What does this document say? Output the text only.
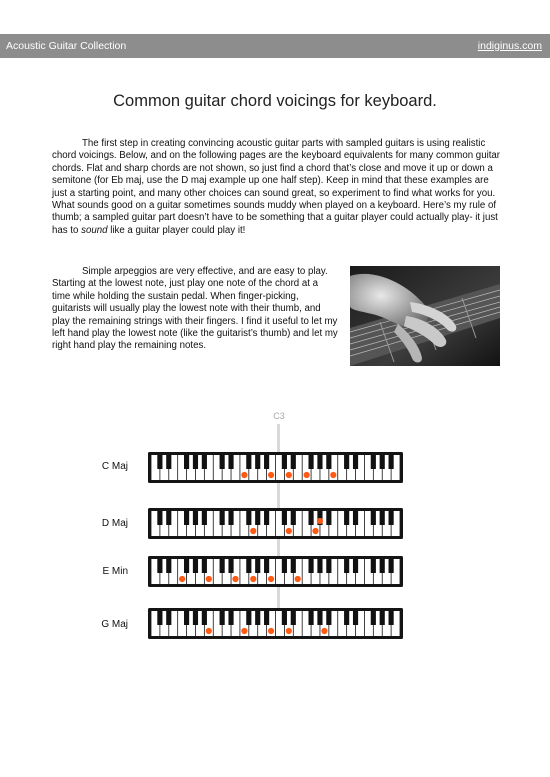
Acoustic Guitar Collection	indiginus.com
Common guitar chord voicings for keyboard.
The first step in creating convincing acoustic guitar parts with sampled guitars is using realistic chord voicings. Below, and on the following pages are the keyboard equivalents for many common guitar chords. Flat and sharp chords are not shown, so just find a chord that’s close and move it up or down a semitone (for Eb maj, use the D maj example up one half step). Keep in mind that these examples are just a starting point, and many other choices can sound great, so experiment to find what works for you. What sounds good on a guitar sometimes sounds muddy when played on a keyboard. Here’s my rule of thumb; a sampled guitar part doesn’t have to be something that a guitar player could actually play- it just has to sound like a guitar player could play it!
Simple arpeggios are very effective, and are easy to play. Starting at the lowest note, just play one note of the chord at a time while holding the sustain pedal. When finger-picking, guitarists will usually play the lowest note with their thumb, and play the remaining strings with their fingers. I find it useful to let my left hand play the lowest note (like the guitarist’s thumb) and let my right hand play the remaining notes.
C3
C Maj
D Maj
E Min
G Maj
